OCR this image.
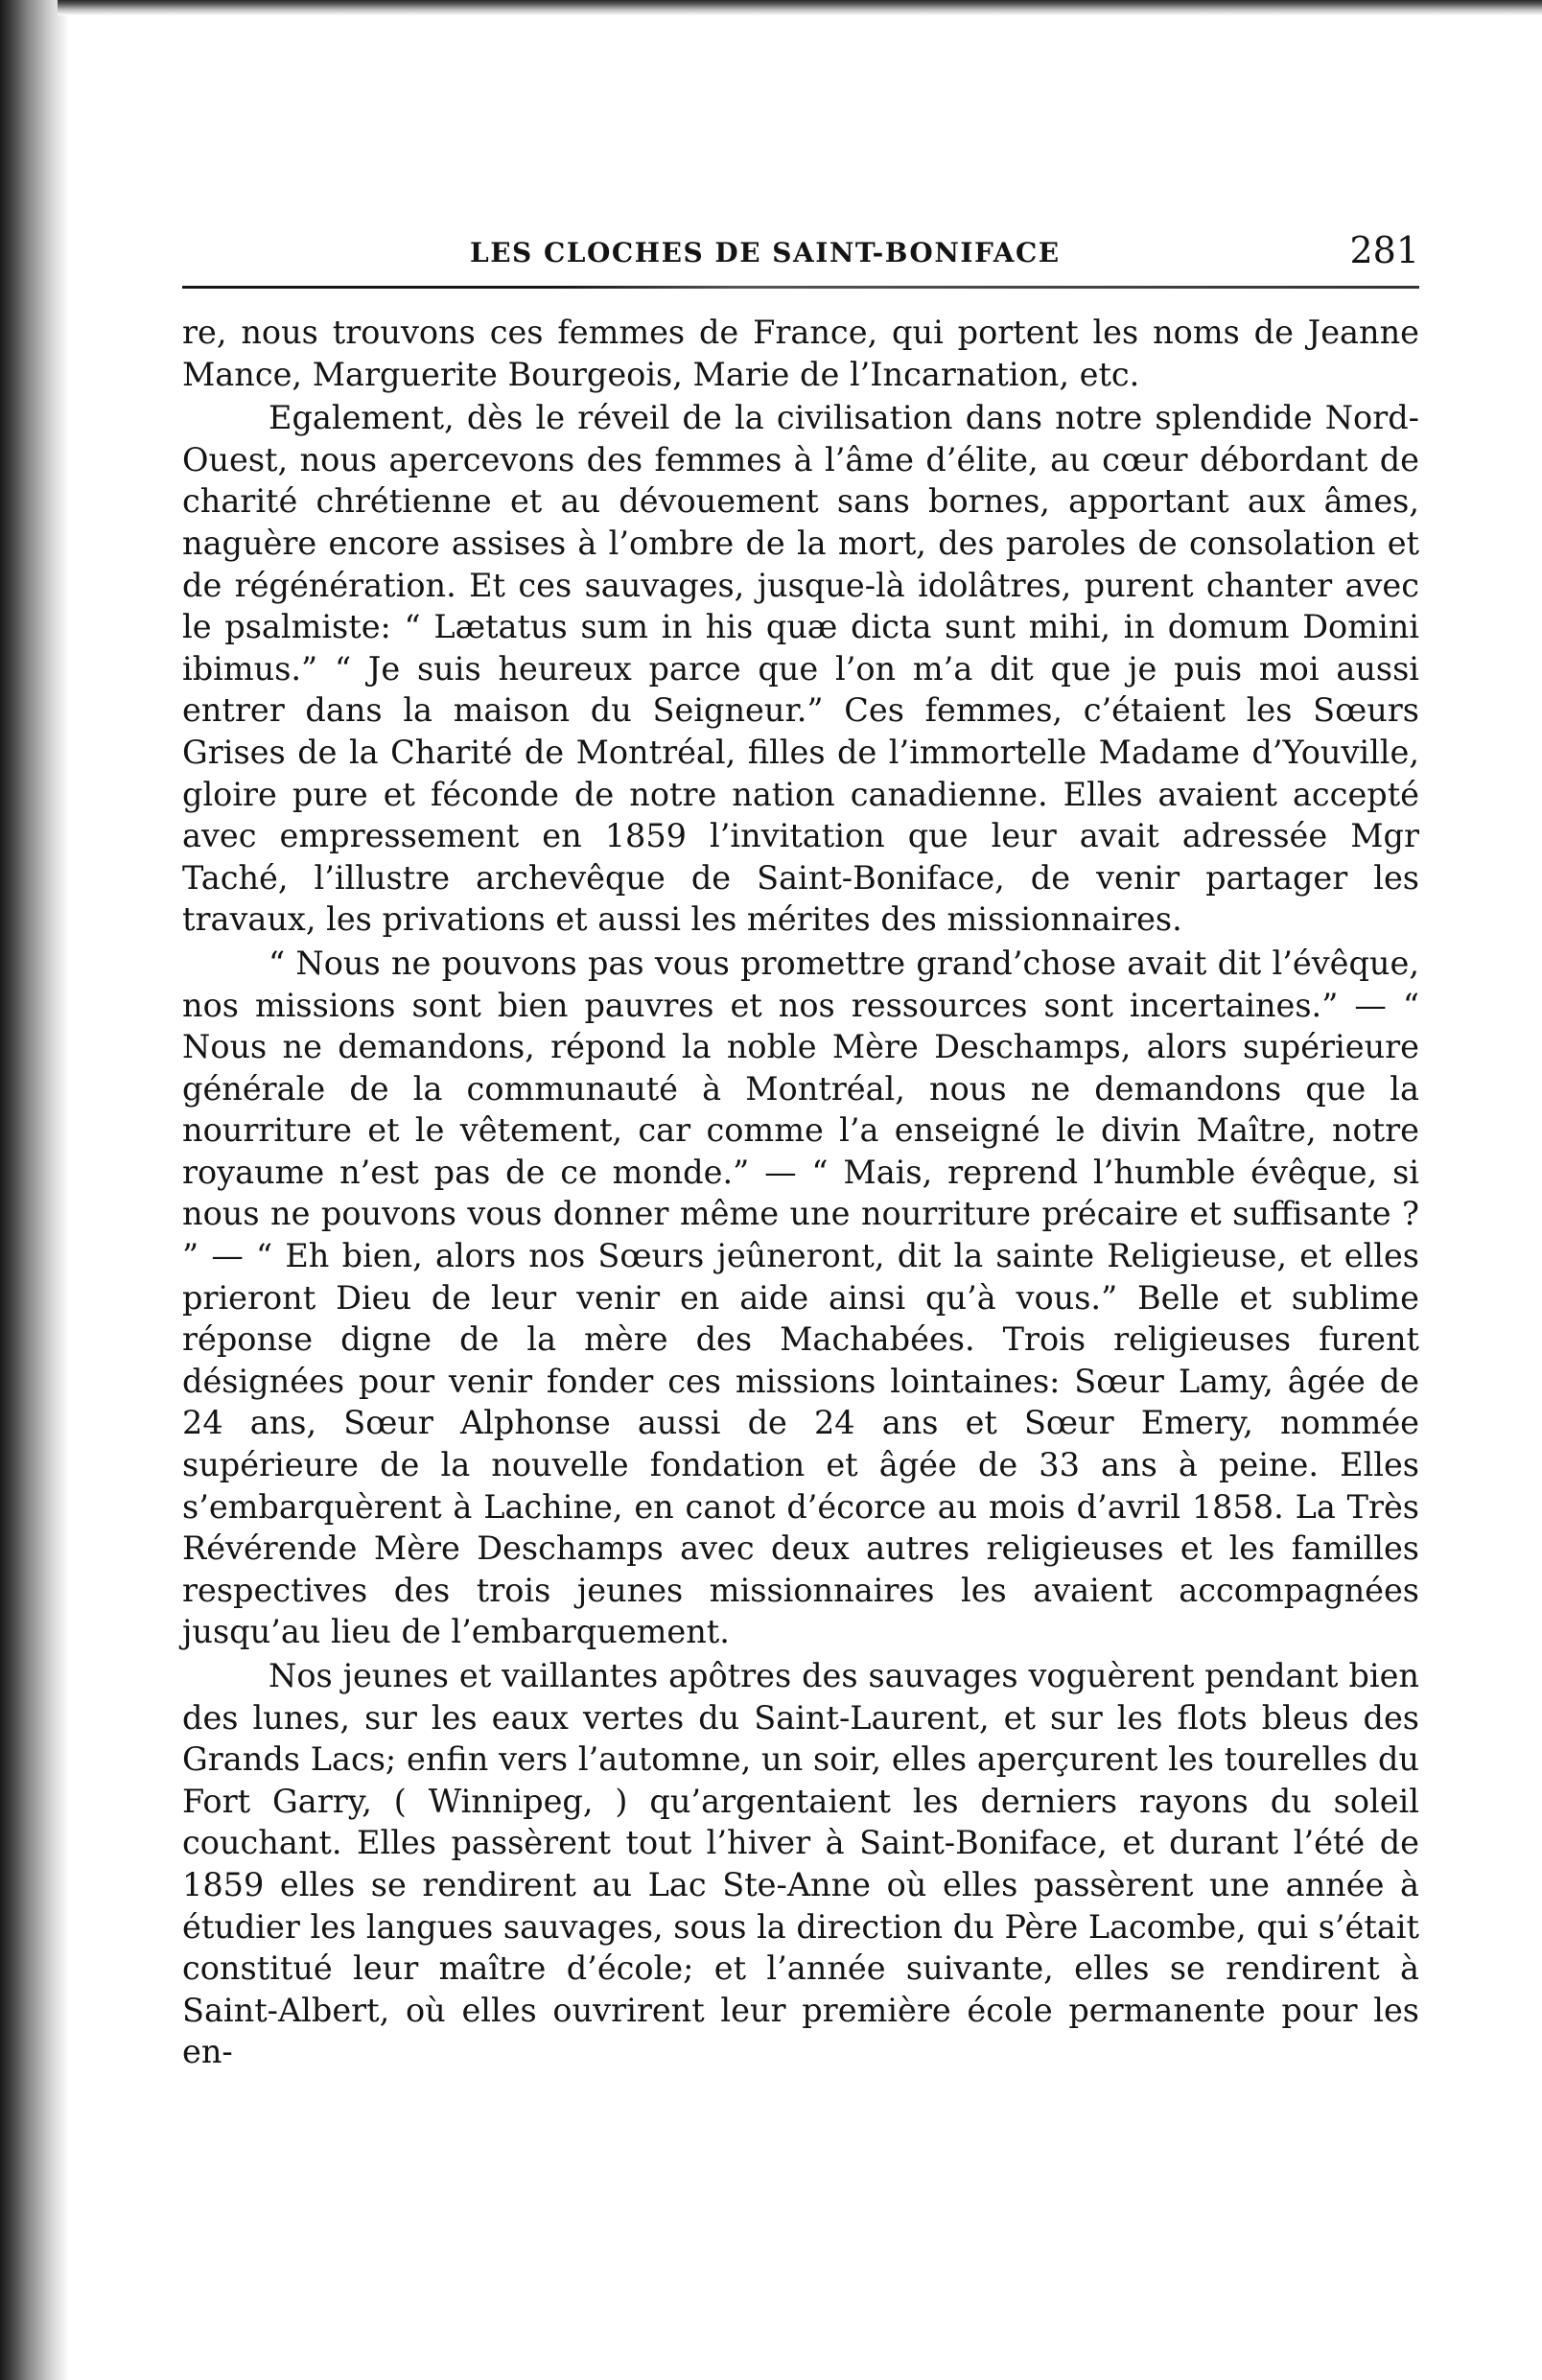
LES CLOCHES DE SAINT-BONIFACE	281

re, nous trouvons ces femmes de France, qui portent les noms de Jeanne Mance, Marguerite Bourgeois, Marie de l’Incarnation, etc.

Egalement, dès le réveil de la civilisation dans notre splendide Nord-Ouest, nous apercevons des femmes à l’âme d’élite, au cœur débordant de charité chrétienne et au dévouement sans bornes, apportant aux âmes, naguère encore assises à l’ombre de la mort, des paroles de consolation et de régénération. Et ces sauvages, jusque-là idolâtres, purent chanter avec le psalmiste: “ Lætatus sum in his quæ dicta sunt mihi, in domum Domini ibimus.” “ Je suis heureux parce que l’on m’a dit que je puis moi aussi entrer dans la maison du Seigneur.” Ces femmes, c’étaient les Sœurs Grises de la Charité de Montréal, filles de l’immortelle Madame d’Youville, gloire pure et féconde de notre nation canadienne. Elles avaient accepté avec empressement en 1859 l’invitation que leur avait adressée Mgr Taché, l’illustre archevêque de Saint-Boniface, de venir partager les travaux, les privations et aussi les mérites des missionnaires.

“ Nous ne pouvons pas vous promettre grand’chose avait dit l’évêque, nos missions sont bien pauvres et nos ressources sont incertaines.” — “ Nous ne demandons, répond la noble Mère Deschamps, alors supérieure générale de la communauté à Montréal, nous ne demandons que la nourriture et le vêtement, car comme l’a enseigné le divin Maître, notre royaume n’est pas de ce monde.” — “ Mais, reprend l’humble évêque, si nous ne pouvons vous donner même une nourriture précaire et suffisante ? ” — “ Eh bien, alors nos Sœurs jeûneront, dit la sainte Religieuse, et elles prieront Dieu de leur venir en aide ainsi qu’à vous.” Belle et sublime réponse digne de la mère des Machabées. Trois religieuses furent désignées pour venir fonder ces missions lointaines: Sœur Lamy, âgée de 24 ans, Sœur Alphonse aussi de 24 ans et Sœur Emery, nommée supérieure de la nouvelle fondation et âgée de 33 ans à peine. Elles s’embarquèrent à Lachine, en canot d’écorce au mois d’avril 1858. La Très Révérende Mère Deschamps avec deux autres religieuses et les familles respectives des trois jeunes missionnaires les avaient accompagnées jusqu’au lieu de l’embarquement.

Nos jeunes et vaillantes apôtres des sauvages voguèrent pendant bien des lunes, sur les eaux vertes du Saint-Laurent, et sur les flots bleus des Grands Lacs; enfin vers l’automne, un soir, elles aperçurent les tourelles du Fort Garry, ( Winnipeg, ) qu’argentaient les derniers rayons du soleil couchant. Elles passèrent tout l’hiver à Saint-Boniface, et durant l’été de 1859 elles se rendirent au Lac Ste-Anne où elles passèrent une année à étudier les langues sauvages, sous la direction du Père Lacombe, qui s’était constitué leur maître d’école; et l’année suivante, elles se rendirent à Saint-Albert, où elles ouvrirent leur première école permanente pour les en-
